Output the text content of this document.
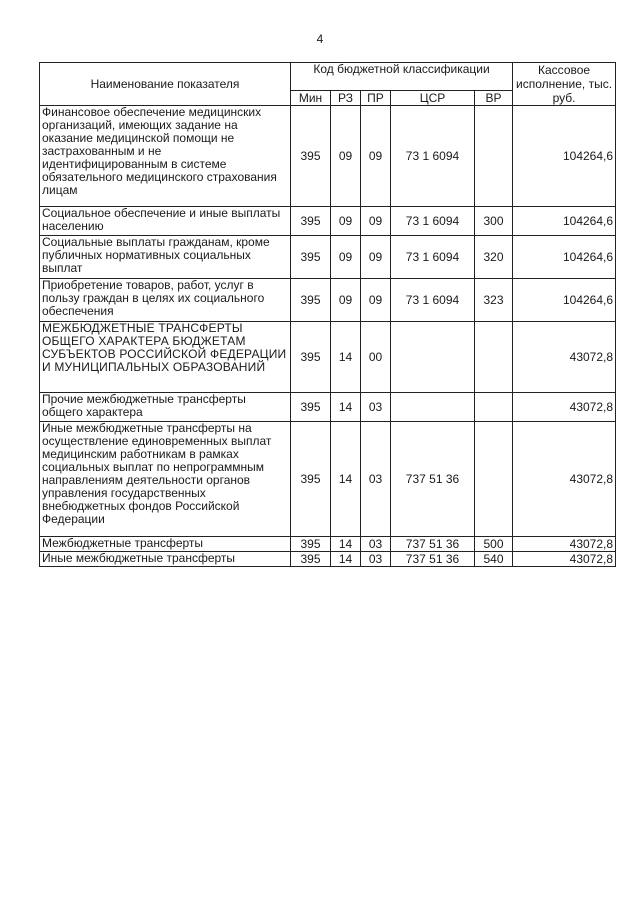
4
Наименование показателя	Код бюджетной классификации					Кассовое исполнение, тыс. руб.
	Мин	РЗ	ПР	ЦСР	ВР	
Финансовое обеспечение медицинских организаций, имеющих задание на оказание медицинской помощи не застрахованным и не идентифицированным в системе обязательного медицинского страхования лицам	395	09	09	73 1 6094		104264,6
Социальное обеспечение и иные выплаты населению	395	09	09	73 1 6094	300	104264,6
Социальные выплаты гражданам, кроме публичных нормативных социальных выплат	395	09	09	73 1 6094	320	104264,6
Приобретение товаров, работ, услуг в пользу граждан в целях их социального обеспечения	395	09	09	73 1 6094	323	104264,6
МЕЖБЮДЖЕТНЫЕ ТРАНСФЕРТЫ ОБЩЕГО ХАРАКТЕРА БЮДЖЕТАМ СУБЪЕКТОВ РОССИЙСКОЙ ФЕДЕРАЦИИ И МУНИЦИПАЛЬНЫХ ОБРАЗОВАНИЙ	395	14	00			43072,8
Прочие межбюджетные трансферты общего характера	395	14	03			43072,8
Иные межбюджетные трансферты на осуществление единовременных выплат медицинским работникам в рамках социальных выплат по непрограммным направлениям деятельности органов управления государственных внебюджетных фондов Российской Федерации	395	14	03	737 51 36		43072,8
Межбюджетные трансферты	395	14	03	737 51 36	500	43072,8
Иные межбюджетные трансферты	395	14	03	737 51 36	540	43072,8
